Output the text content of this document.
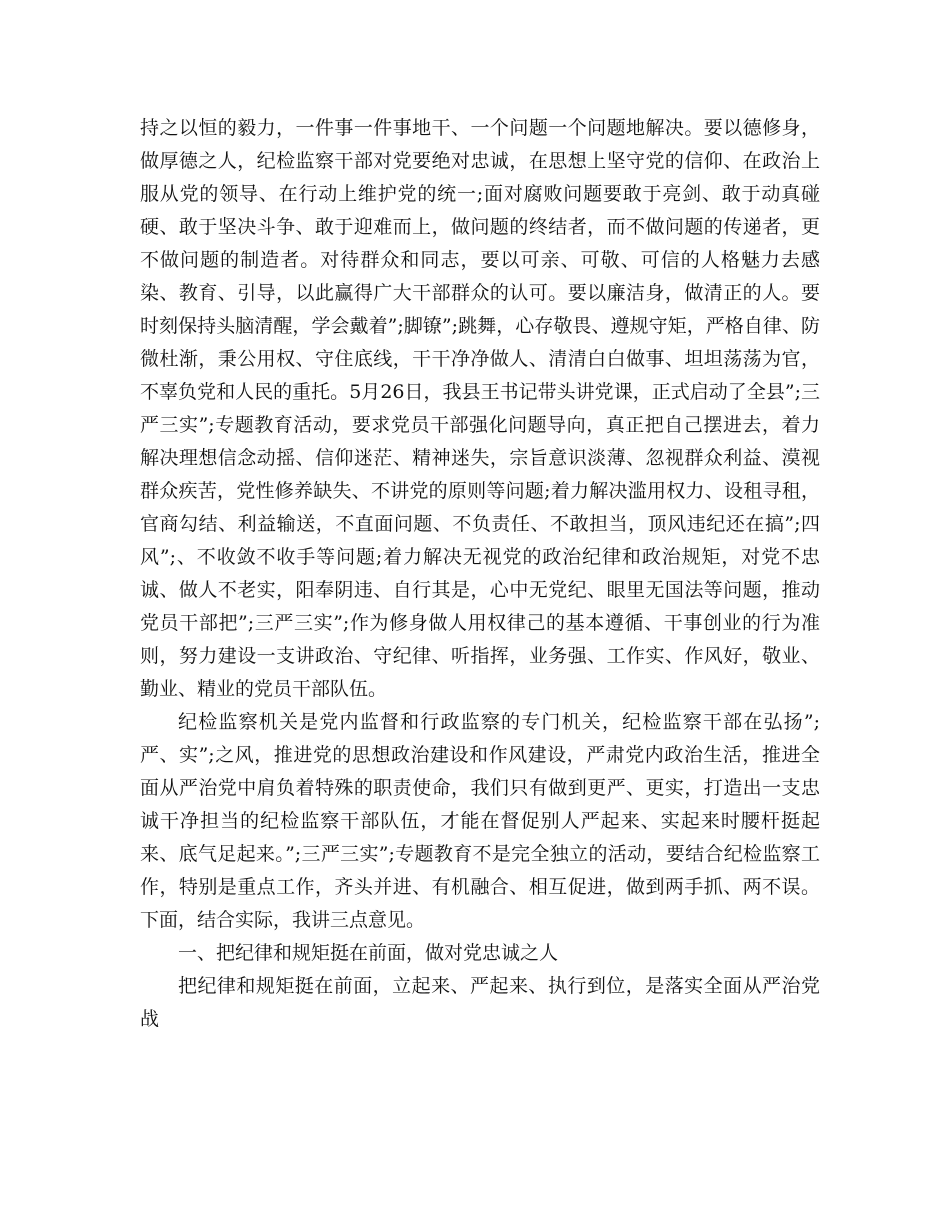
持之以恒的毅力，一件事一件事地干、一个问题一个问题地解决。要以德修身，做厚德之人，纪检监察干部对党要绝对忠诚，在思想上坚守党的信仰、在政治上服从党的领导、在行动上维护党的统一;面对腐败问题要敢于亮剑、敢于动真碰硬、敢于坚决斗争、敢于迎难而上，做问题的终结者，而不做问题的传递者，更不做问题的制造者。对待群众和同志，要以可亲、可敬、可信的人格魅力去感染、教育、引导，以此赢得广大干部群众的认可。要以廉洁身，做清正的人。要时刻保持头脑清醒，学会戴着”;脚镣”;跳舞，心存敬畏、遵规守矩，严格自律、防微杜渐，秉公用权、守住底线，干干净净做人、清清白白做事、坦坦荡荡为官，不辜负党和人民的重托。5月26日，我县王书记带头讲党课，正式启动了全县”;三严三实”;专题教育活动，要求党员干部强化问题导向，真正把自己摆进去，着力解决理想信念动摇、信仰迷茫、精神迷失，宗旨意识淡薄、忽视群众利益、漠视群众疾苦，党性修养缺失、不讲党的原则等问题;着力解决滥用权力、设租寻租，官商勾结、利益输送，不直面问题、不负责任、不敢担当，顶风违纪还在搞”;四风”;、不收敛不收手等问题;着力解决无视党的政治纪律和政治规矩，对党不忠诚、做人不老实，阳奉阴违、自行其是，心中无党纪、眼里无国法等问题，推动党员干部把”;三严三实”;作为修身做人用权律己的基本遵循、干事创业的行为准则，努力建设一支讲政治、守纪律、听指挥，业务强、工作实、作风好，敬业、勤业、精业的党员干部队伍。

纪检监察机关是党内监督和行政监察的专门机关，纪检监察干部在弘扬”;严、实”;之风，推进党的思想政治建设和作风建设，严肃党内政治生活，推进全面从严治党中肩负着特殊的职责使命，我们只有做到更严、更实，打造出一支忠诚干净担当的纪检监察干部队伍，才能在督促别人严起来、实起来时腰杆挺起来、底气足起来。”;三严三实”;专题教育不是完全独立的活动，要结合纪检监察工作，特别是重点工作，齐头并进、有机融合、相互促进，做到两手抓、两不误。下面，结合实际，我讲三点意见。

一、把纪律和规矩挺在前面，做对党忠诚之人

把纪律和规矩挺在前面，立起来、严起来、执行到位，是落实全面从严治党战
